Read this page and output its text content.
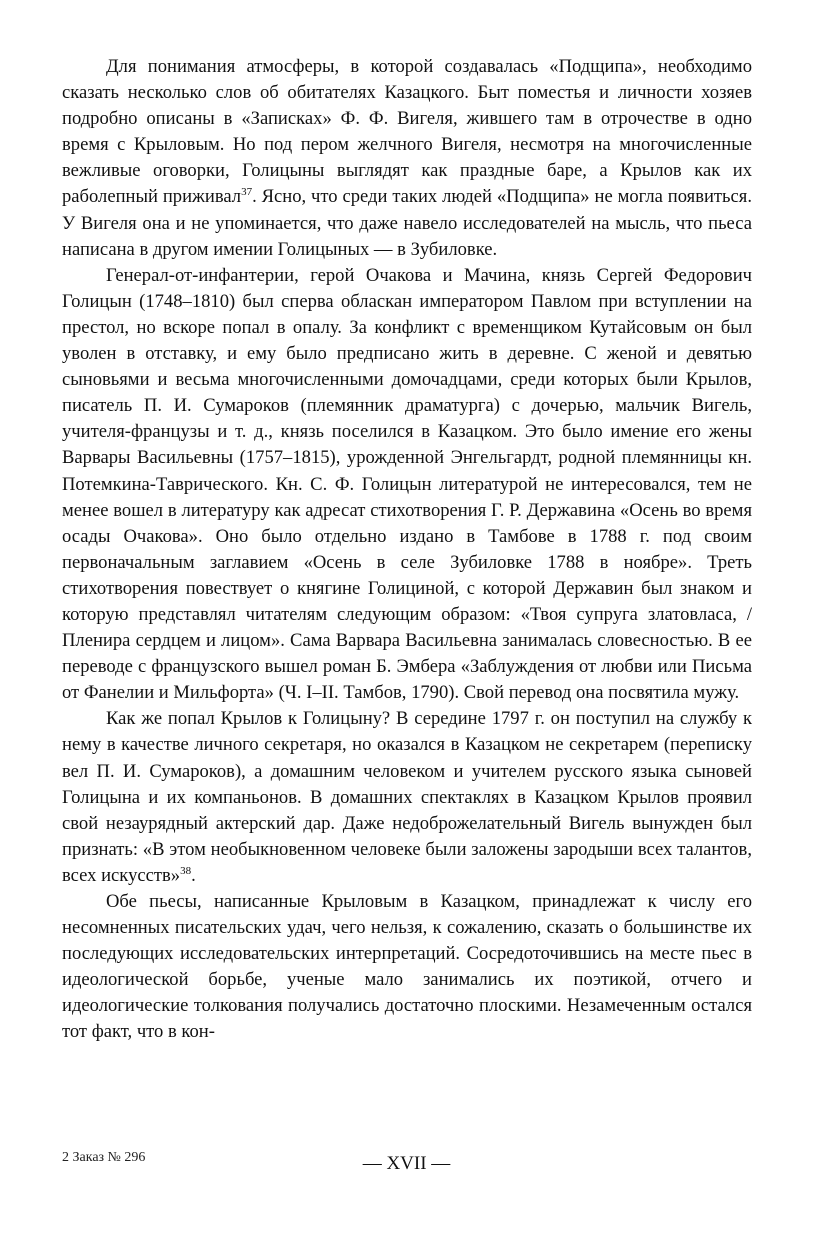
Для понимания атмосферы, в которой создавалась «Подщипа», необходимо сказать несколько слов об обитателях Казацкого. Быт поместья и личности хозяев подробно описаны в «Записках» Ф. Ф. Вигеля, жившего там в отрочестве в одно время с Крыловым. Но под пером желчного Вигеля, несмотря на многочисленные вежливые оговорки, Голицыны выглядят как праздные баре, а Крылов как их раболепный приживал$^{37}$. Ясно, что среди таких людей «Подщипа» не могла появиться. У Вигеля она и не упоминается, что даже навело исследователей на мысль, что пьеса написана в другом имении Голицыных — в Зубиловке.

Генерал-от-инфантерии, герой Очакова и Мачина, князь Сергей Федорович Голицын (1748–1810) был сперва обласкан императором Павлом при вступлении на престол, но вскоре попал в опалу. За конфликт с временщиком Кутайсовым он был уволен в отставку, и ему было предписано жить в деревне. С женой и девятью сыновьями и весьма многочисленными домочадцами, среди которых были Крылов, писатель П. И. Сумароков (племянник драматурга) с дочерью, мальчик Вигель, учителя-французы и т. д., князь поселился в Казацком. Это было имение его жены Варвары Васильевны (1757–1815), урожденной Энгельгардт, родной племянницы кн. Потемкина-Таврического. Кн. С. Ф. Голицын литературой не интересовался, тем не менее вошел в литературу как адресат стихотворения Г. Р. Державина «Осень во время осады Очакова». Оно было отдельно издано в Тамбове в 1788 г. под своим первоначальным заглавием «Осень в селе Зубиловке 1788 в ноябре». Треть стихотворения повествует о княгине Голициной, с которой Державин был знаком и которую представлял читателям следующим образом: «Твоя супруга златовласа, / Пленира сердцем и лицом». Сама Варвара Васильевна занималась словесностью. В ее переводе с французского вышел роман Б. Эмбера «Заблуждения от любви или Письма от Фанелии и Мильфорта» (Ч. I–II. Тамбов, 1790). Свой перевод она посвятила мужу.

Как же попал Крылов к Голицыну? В середине 1797 г. он поступил на службу к нему в качестве личного секретаря, но оказался в Казацком не секретарем (переписку вел П. И. Сумароков), а домашним человеком и учителем русского языка сыновей Голицына и их компаньонов. В домашних спектаклях в Казацком Крылов проявил свой незаурядный актерский дар. Даже недоброжелательный Вигель вынужден был признать: «В этом необыкновенном человеке были заложены зародыши всех талантов, всех искусств»$^{38}$.

Обе пьесы, написанные Крыловым в Казацком, принадлежат к числу его несомненных писательских удач, чего нельзя, к сожалению, сказать о большинстве их последующих исследовательских интерпретаций. Сосредоточившись на месте пьес в идеологической борьбе, ученые мало занимались их поэтикой, отчего и идеологические толкования получались достаточно плоскими. Незамеченным остался тот факт, что в кон-

2 Заказ № 296	— XVII —
